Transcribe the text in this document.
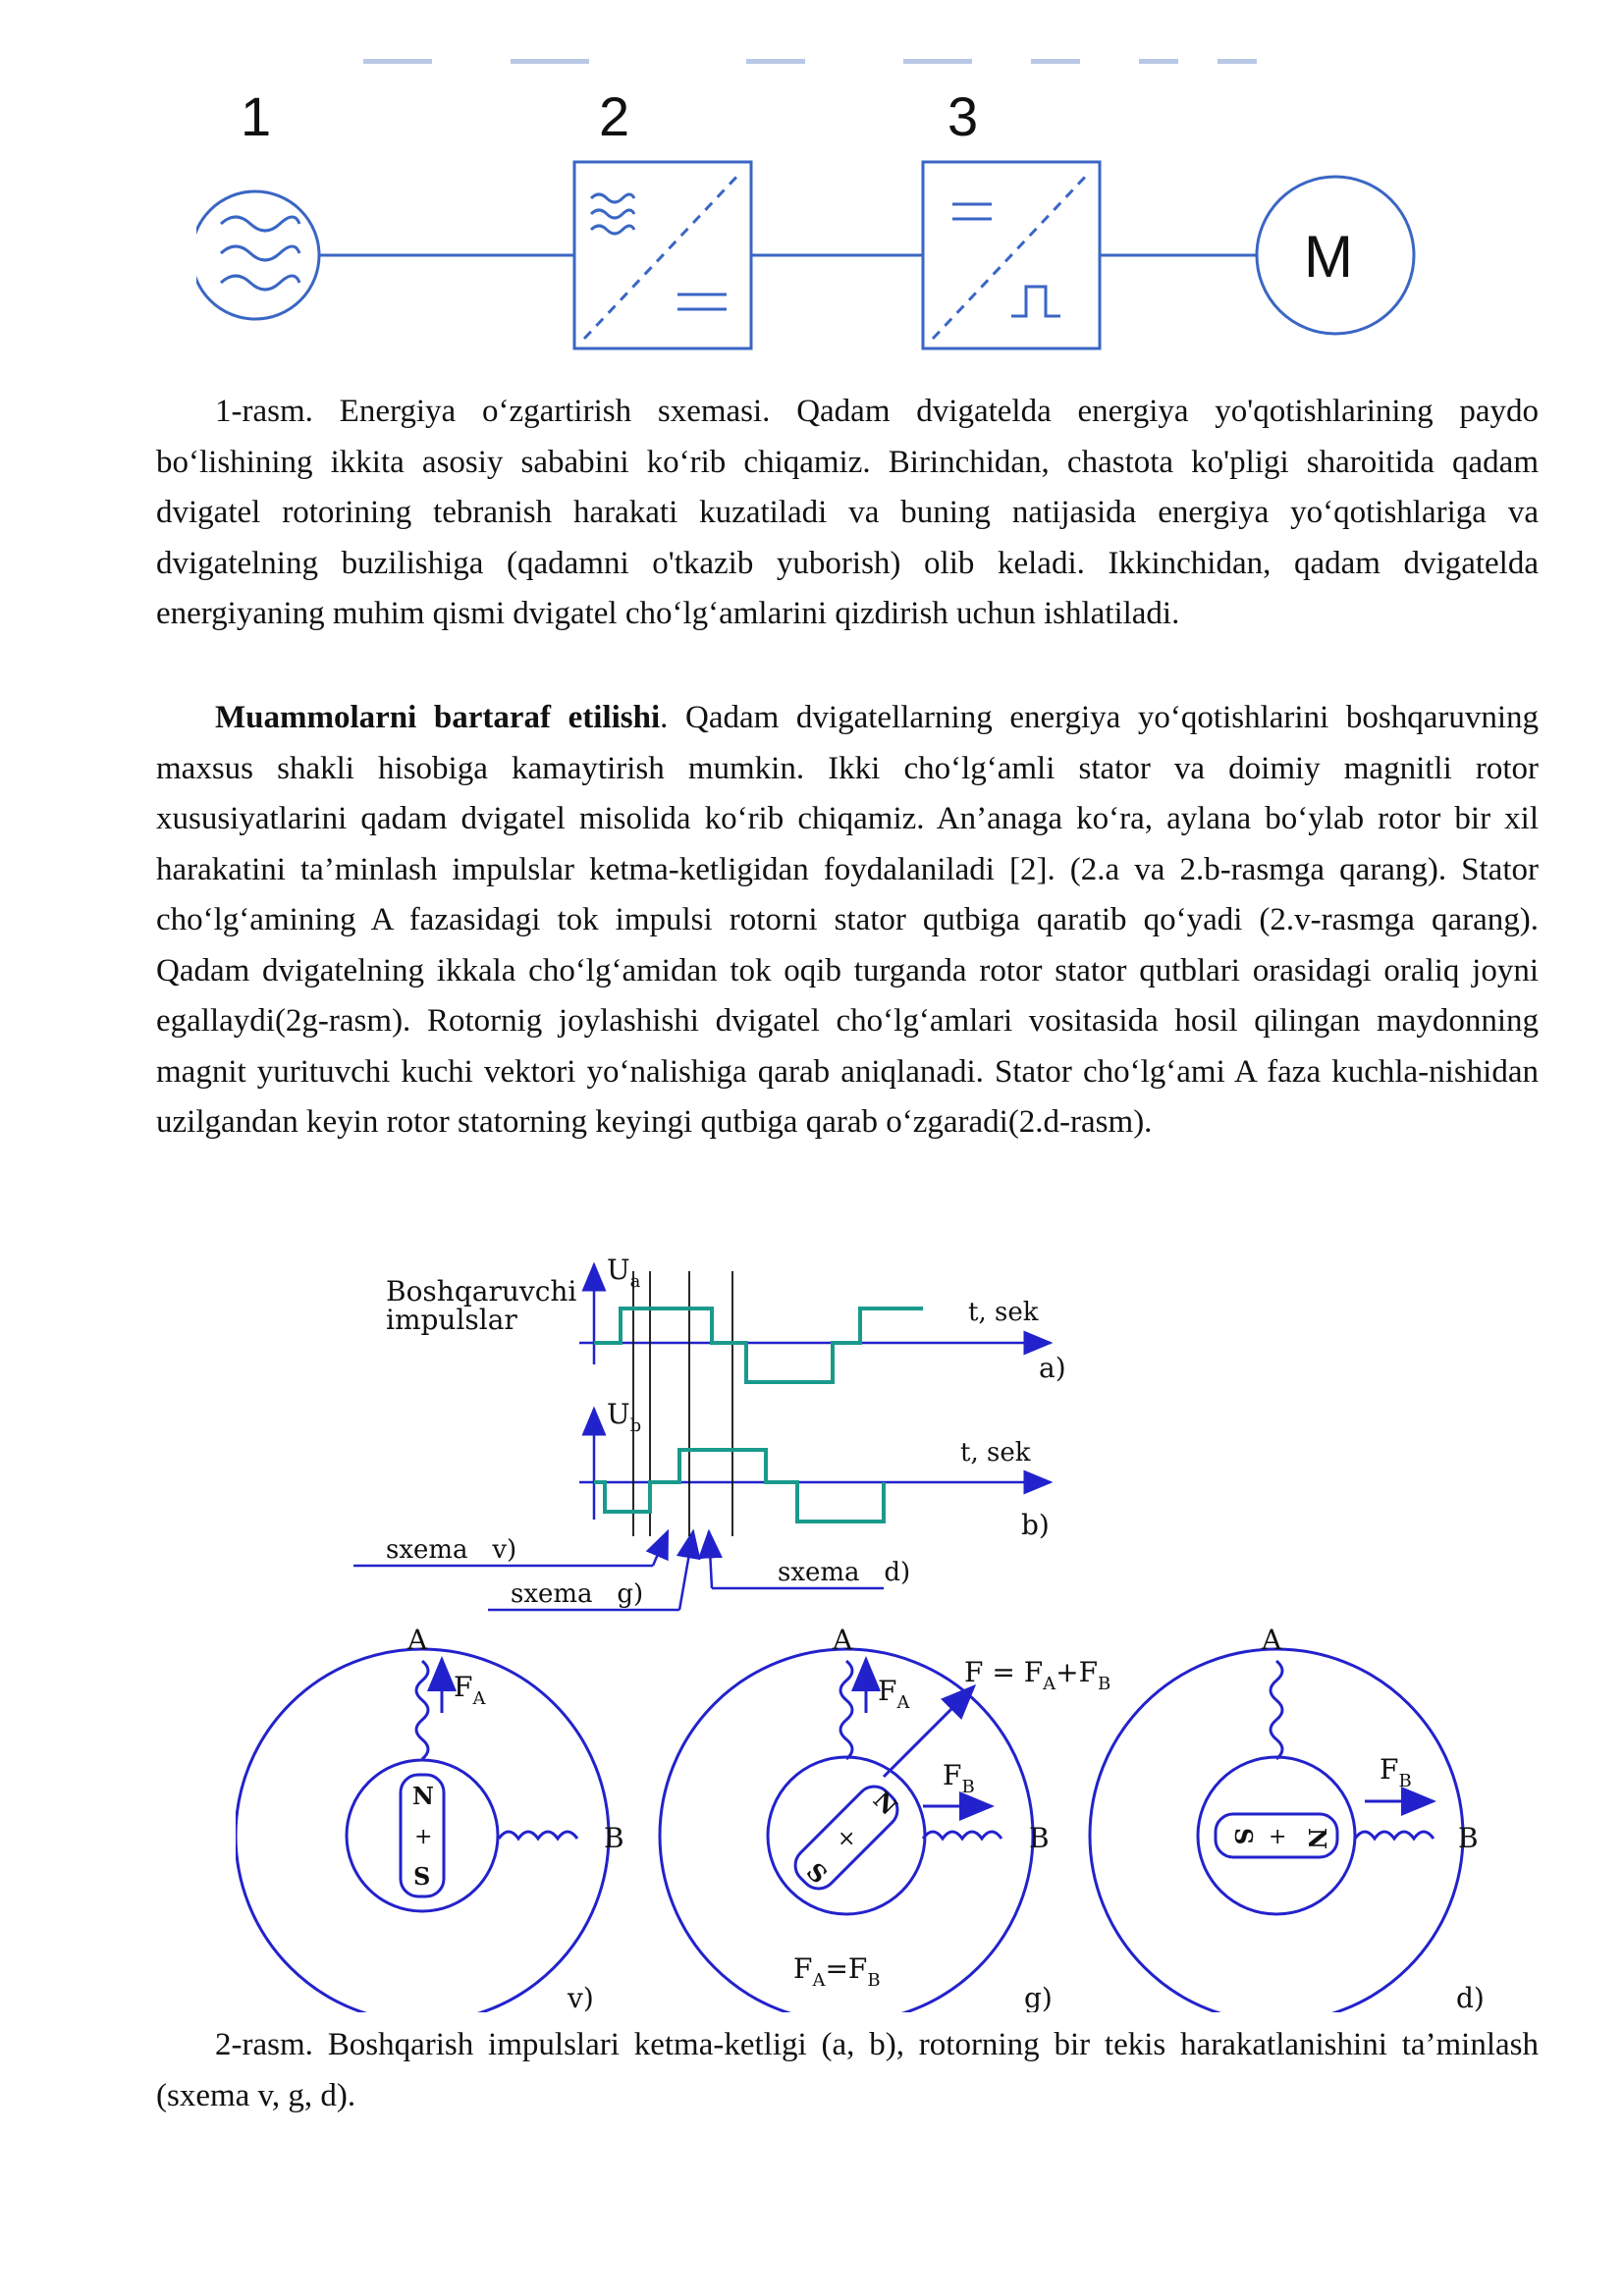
1	2	3
M

1-rasm. Energiya o‘zgartirish sxemasi. Qadam dvigatelda energiya yo'qotishlarining paydo bo‘lishining ikkita asosiy sababini ko‘rib chiqamiz. Birinchidan, chastota ko'pligi sharoitida qadam dvigatel rotorining tebranish harakati kuzatiladi va buning natijasida energiya yo‘qotishlariga va dvigatelning buzilishiga (qadamni o'tkazib yuborish) olib keladi. Ikkinchidan, qadam dvigatelda energiyaning muhim qismi dvigatel cho‘lg‘amlarini qizdirish uchun ishlatiladi.

Muammolarni bartaraf etilishi. Qadam dvigatellarning energiya yo‘qotishlarini boshqaruvning maxsus shakli hisobiga kamaytirish mumkin. Ikki cho‘lg‘amli stator va doimiy magnitli rotor xususiyatlarini qadam dvigatel misolida ko‘rib chiqamiz. An’anaga ko‘ra, aylana bo‘ylab rotor bir xil harakatini ta’minlash impulslar ketma-ketligidan foydalaniladi [2]. (2.a va 2.b-rasmga qarang). Stator cho‘lg‘amining A fazasidagi tok impulsi rotorni stator qutbiga qaratib qo‘yadi (2.v-rasmga qarang). Qadam dvigatelning ikkala cho‘lg‘amidan tok oqib turganda rotor stator qutblari orasidagi oraliq joyni egallaydi(2g-rasm). Rotornig joylashishi dvigatel cho‘lg‘amlari vositasida hosil qilingan maydonning magnit yurituvchi kuchi vektori yo‘nalishiga qarab aniqlanadi. Stator cho‘lg‘ami A faza kuchla-nishidan uzilgandan keyin rotor statorning keyingi qutbiga qarab o‘zgaradi(2.d-rasm).

Boshqaruvchi
impulslar
$U_a$
$U_b$
t, sek
t, sek
a)
b)
sxema   v)
sxema   g)
sxema   d)
A
B
$F_A$
N
+
S
v)
A
B
$F_A$
$F_B$
$F = F_A+F_B$
$F_A=F_B$
N
×
S
g)
A
B
$F_B$
S + N
d)

2-rasm. Boshqarish impulslari ketma-ketligi (a, b), rotorning bir tekis harakatlanishini ta’minlash (sxema v, g, d).
